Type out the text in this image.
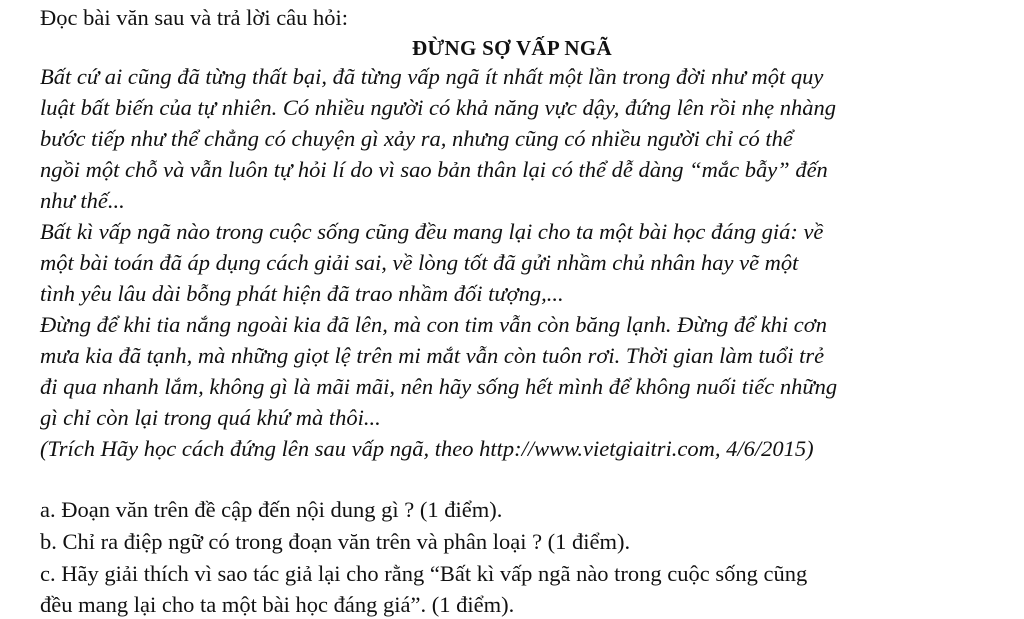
Đọc bài văn sau và trả lời câu hỏi:
ĐỪNG SỢ VẤP NGÃ
Bất cứ ai cũng đã từng thất bại, đã từng vấp ngã ít nhất một lần trong đời như một quy
luật bất biến của tự nhiên. Có nhiều người có khả năng vực dậy, đứng lên rồi nhẹ nhàng
bước tiếp như thể chẳng có chuyện gì xảy ra, nhưng cũng có nhiều người chỉ có thể
ngồi một chỗ và vẫn luôn tự hỏi lí do vì sao bản thân lại có thể dễ dàng “mắc bẫy” đến
như thế...
Bất kì vấp ngã nào trong cuộc sống cũng đều mang lại cho ta một bài học đáng giá: về
một bài toán đã áp dụng cách giải sai, về lòng tốt đã gửi nhầm chủ nhân hay vẽ một
tình yêu lâu dài bỗng phát hiện đã trao nhầm đối tượng,...
Đừng để khi tia nắng ngoài kia đã lên, mà con tim vẫn còn băng lạnh. Đừng để khi cơn
mưa kia đã tạnh, mà những giọt lệ trên mi mắt vẫn còn tuôn rơi. Thời gian làm tuổi trẻ
đi qua nhanh lắm, không gì là mãi mãi, nên hãy sống hết mình để không nuối tiếc những
gì chỉ còn lại trong quá khứ mà thôi...
(Trích Hãy học cách đứng lên sau vấp ngã, theo http://www.vietgiaitri.com, 4/6/2015)
a. Đoạn văn trên đề cập đến nội dung gì ? (1 điểm).
b. Chỉ ra điệp ngữ có trong đoạn văn trên và phân loại ? (1 điểm).
c. Hãy giải thích vì sao tác giả lại cho rằng “Bất kì vấp ngã nào trong cuộc sống cũng
đều mang lại cho ta một bài học đáng giá”. (1 điểm).
